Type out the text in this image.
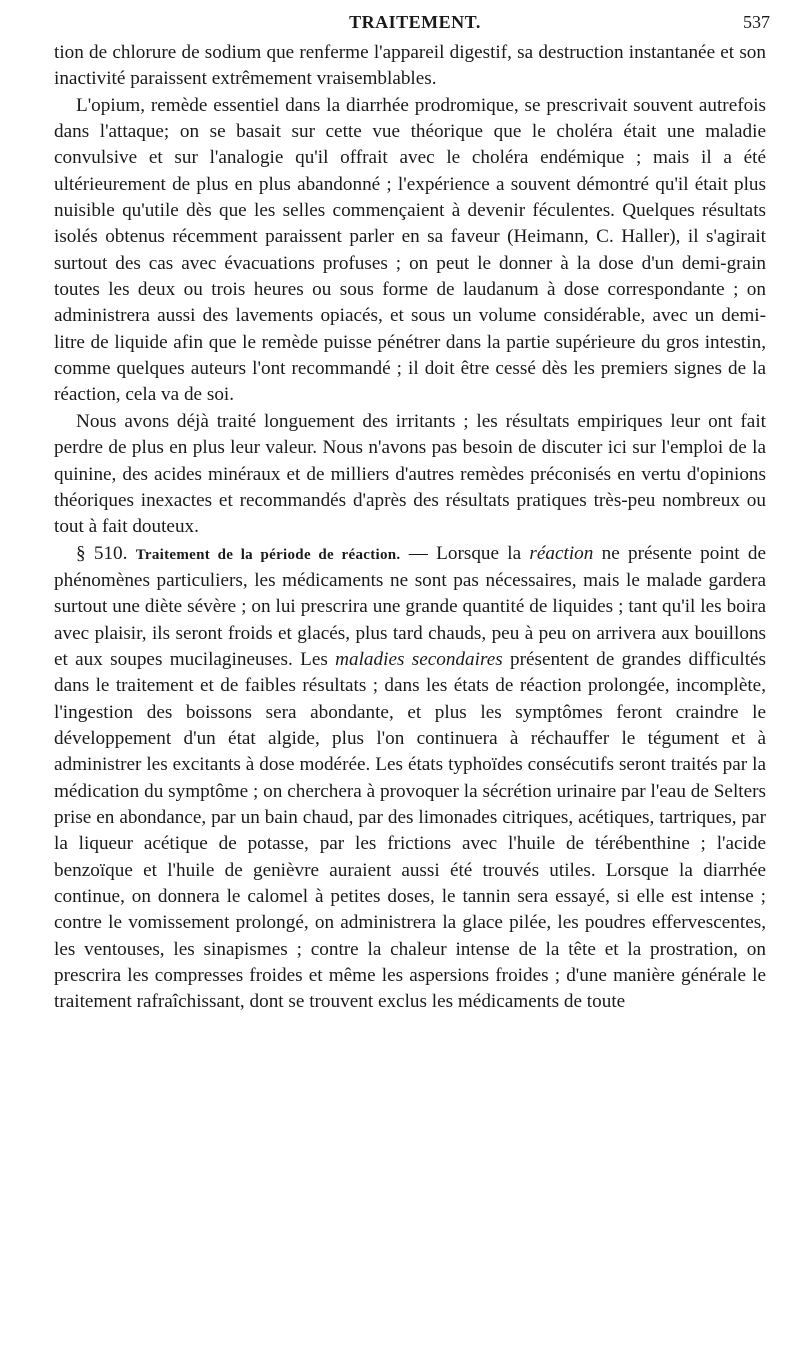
TRAITEMENT.	537

tion de chlorure de sodium que renferme l'appareil digestif, sa destruction instantanée et son inactivité paraissent extrêmement vraisemblables.

L'opium, remède essentiel dans la diarrhée prodromique, se prescrivait souvent autrefois dans l'attaque; on se basait sur cette vue théorique que le choléra était une maladie convulsive et sur l'analogie qu'il offrait avec le choléra endémique ; mais il a été ultérieurement de plus en plus abandonné ; l'expérience a souvent démontré qu'il était plus nuisible qu'utile dès que les selles commençaient à devenir féculentes. Quelques résultats isolés obtenus récemment paraissent parler en sa faveur (Heimann, C. Haller), il s'agirait surtout des cas avec évacuations profuses ; on peut le donner à la dose d'un demi-grain toutes les deux ou trois heures ou sous forme de laudanum à dose correspondante ; on administrera aussi des lavements opiacés, et sous un volume considérable, avec un demi-litre de liquide afin que le remède puisse pénétrer dans la partie supérieure du gros intestin, comme quelques auteurs l'ont recommandé ; il doit être cessé dès les premiers signes de la réaction, cela va de soi.

Nous avons déjà traité longuement des irritants ; les résultats empiriques leur ont fait perdre de plus en plus leur valeur. Nous n'avons pas besoin de discuter ici sur l'emploi de la quinine, des acides minéraux et de milliers d'autres remèdes préconisés en vertu d'opinions théoriques inexactes et recommandés d'après des résultats pratiques très-peu nombreux ou tout à fait douteux.

§ 510. Traitement de la période de réaction. — Lorsque la réaction ne présente point de phénomènes particuliers, les médicaments ne sont pas nécessaires, mais le malade gardera surtout une diète sévère ; on lui prescrira une grande quantité de liquides ; tant qu'il les boira avec plaisir, ils seront froids et glacés, plus tard chauds, peu à peu on arrivera aux bouillons et aux soupes mucilagineuses. Les maladies secondaires présentent de grandes difficultés dans le traitement et de faibles résultats ; dans les états de réaction prolongée, incomplète, l'ingestion des boissons sera abondante, et plus les symptômes feront craindre le développement d'un état algide, plus l'on continuera à réchauffer le tégument et à administrer les excitants à dose modérée. Les états typhoïdes consécutifs seront traités par la médication du symptôme ; on cherchera à provoquer la sécrétion urinaire par l'eau de Selters prise en abondance, par un bain chaud, par des limonades citriques, acétiques, tartriques, par la liqueur acétique de potasse, par les frictions avec l'huile de térébenthine ; l'acide benzoïque et l'huile de genièvre auraient aussi été trouvés utiles. Lorsque la diarrhée continue, on donnera le calomel à petites doses, le tannin sera essayé, si elle est intense ; contre le vomissement prolongé, on administrera la glace pilée, les poudres effervescentes, les ventouses, les sinapismes ; contre la chaleur intense de la tête et la prostration, on prescrira les compresses froides et même les aspersions froides ; d'une manière générale le traitement rafraîchissant, dont se trouvent exclus les médicaments de toute
